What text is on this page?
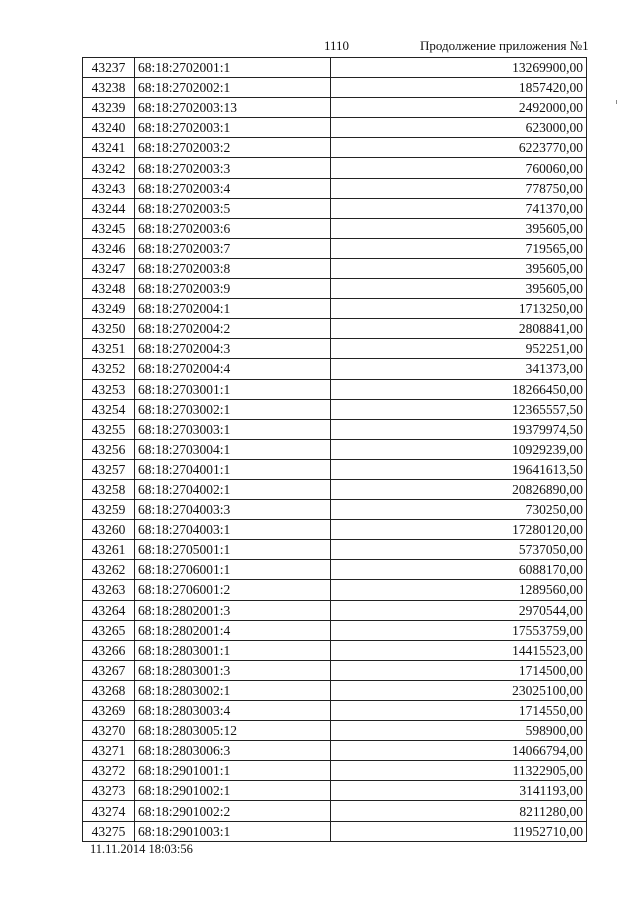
1110	Продолжение приложения №1
43237	68:18:2702001:1	13269900,00
43238	68:18:2702002:1	1857420,00
43239	68:18:2702003:13	2492000,00
43240	68:18:2702003:1	623000,00
43241	68:18:2702003:2	6223770,00
43242	68:18:2702003:3	760060,00
43243	68:18:2702003:4	778750,00
43244	68:18:2702003:5	741370,00
43245	68:18:2702003:6	395605,00
43246	68:18:2702003:7	719565,00
43247	68:18:2702003:8	395605,00
43248	68:18:2702003:9	395605,00
43249	68:18:2702004:1	1713250,00
43250	68:18:2702004:2	2808841,00
43251	68:18:2702004:3	952251,00
43252	68:18:2702004:4	341373,00
43253	68:18:2703001:1	18266450,00
43254	68:18:2703002:1	12365557,50
43255	68:18:2703003:1	19379974,50
43256	68:18:2703004:1	10929239,00
43257	68:18:2704001:1	19641613,50
43258	68:18:2704002:1	20826890,00
43259	68:18:2704003:3	730250,00
43260	68:18:2704003:1	17280120,00
43261	68:18:2705001:1	5737050,00
43262	68:18:2706001:1	6088170,00
43263	68:18:2706001:2	1289560,00
43264	68:18:2802001:3	2970544,00
43265	68:18:2802001:4	17553759,00
43266	68:18:2803001:1	14415523,00
43267	68:18:2803001:3	1714500,00
43268	68:18:2803002:1	23025100,00
43269	68:18:2803003:4	1714550,00
43270	68:18:2803005:12	598900,00
43271	68:18:2803006:3	14066794,00
43272	68:18:2901001:1	11322905,00
43273	68:18:2901002:1	3141193,00
43274	68:18:2901002:2	8211280,00
43275	68:18:2901003:1	11952710,00
11.11.2014 18:03:56
